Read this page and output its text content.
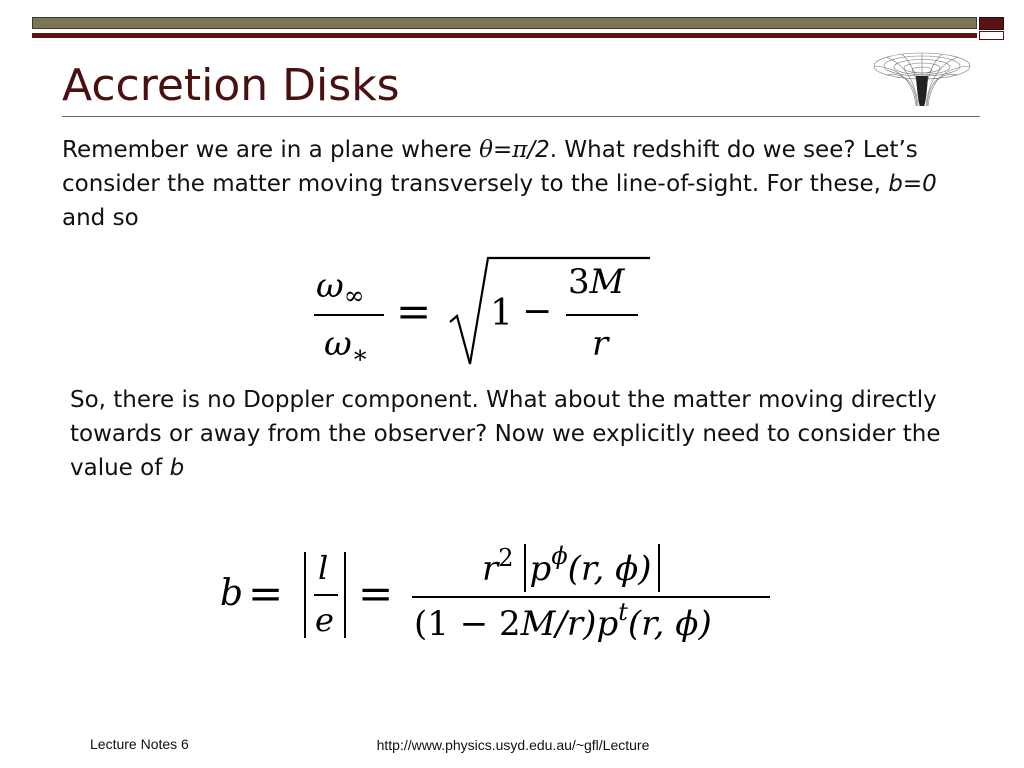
Accretion Disks

Remember we are in a plane where θ=π/2. What redshift do we see? Let’s consider the matter moving transversely to the line-of-sight. For these, b=0 and so

$\omega_\infty$
$\omega_∗$
= 1 −
3M
r

So, there is no Doppler component. What about the matter moving directly towards or away from the observer? Now we explicitly need to consider the value of b

b =
l
e
=	$r^2$ $p^\phi(r$, ϕ)
$(1 - 2M/r)p^t(r$, ϕ)
Lecture Notes 6	http://www.physics.usyd.edu.au/~gfl/Lecture
